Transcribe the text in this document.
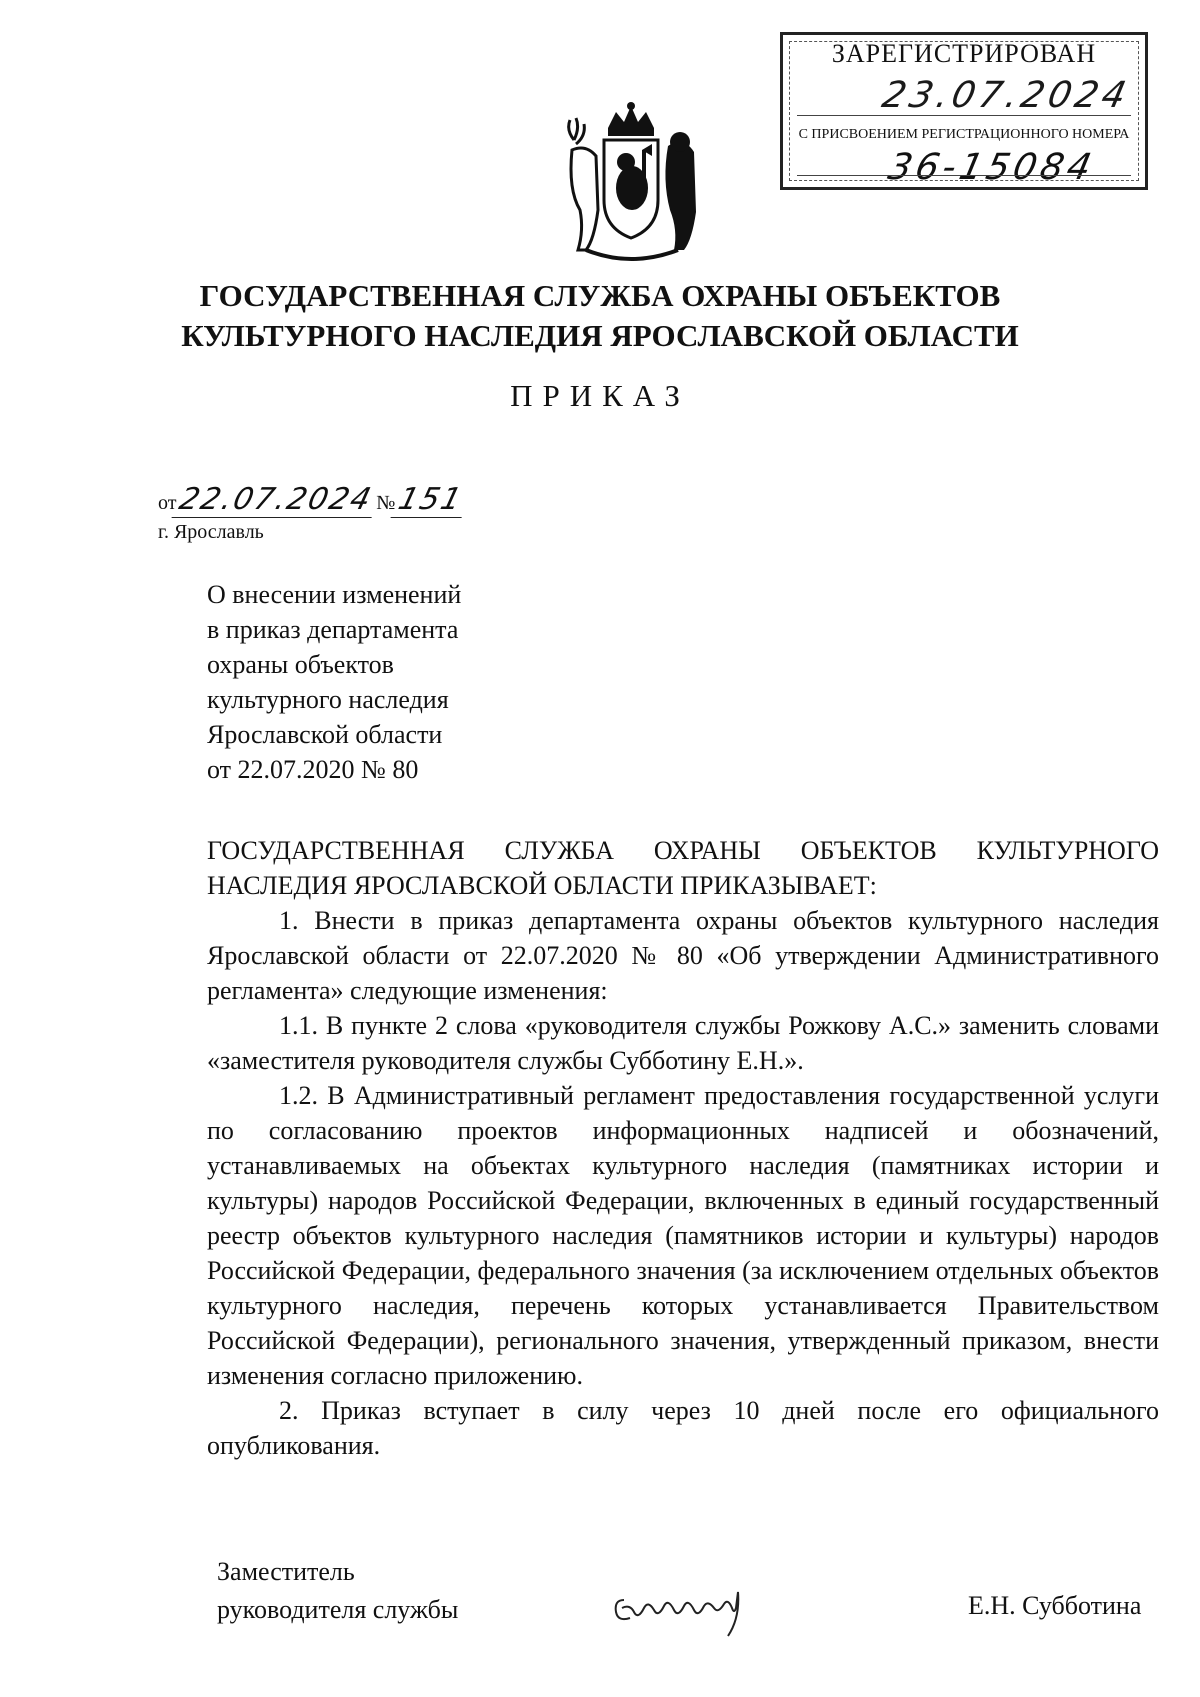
ЗАРЕГИСТРИРОВАН
23.07.2024
С ПРИСВОЕНИЕМ РЕГИСТРАЦИОННОГО НОМЕРА
36-15084
ГОСУДАРСТВЕННАЯ СЛУЖБА ОХРАНЫ ОБЪЕКТОВ
КУЛЬТУРНОГО НАСЛЕДИЯ ЯРОСЛАВСКОЙ ОБЛАСТИ
ПРИКАЗ
от22.07.2024№151
г. Ярославль
О внесении изменений
в приказ департамента
охраны объектов
культурного наследия
Ярославской области
от 22.07.2020 № 80

ГОСУДАРСТВЕННАЯ СЛУЖБА ОХРАНЫ ОБЪЕКТОВ КУЛЬТУРНОГО НАСЛЕДИЯ ЯРОСЛАВСКОЙ ОБЛАСТИ ПРИКАЗЫВАЕТ:

1. Внести в приказ департамента охраны объектов культурного наследия Ярославской области от 22.07.2020 № 80 «Об утверждении Административного регламента» следующие изменения:

1.1. В пункте 2 слова «руководителя службы Рожкову А.С.» заменить словами «заместителя руководителя службы Субботину Е.Н.».

1.2. В Административный регламент предоставления государственной услуги по согласованию проектов информационных надписей и обозначений, устанавливаемых на объектах культурного наследия (памятниках истории и культуры) народов Российской Федерации, включенных в единый государственный реестр объектов культурного наследия (памятников истории и культуры) народов Российской Федерации, федерального значения (за исключением отдельных объектов культурного наследия, перечень которых устанавливается Правительством Российской Федерации), регионального значения, утвержденный приказом, внести изменения согласно приложению.

2. Приказ вступает в силу через 10 дней после его официального опубликования.

Заместитель
руководителя службы	Е.Н. Субботина
